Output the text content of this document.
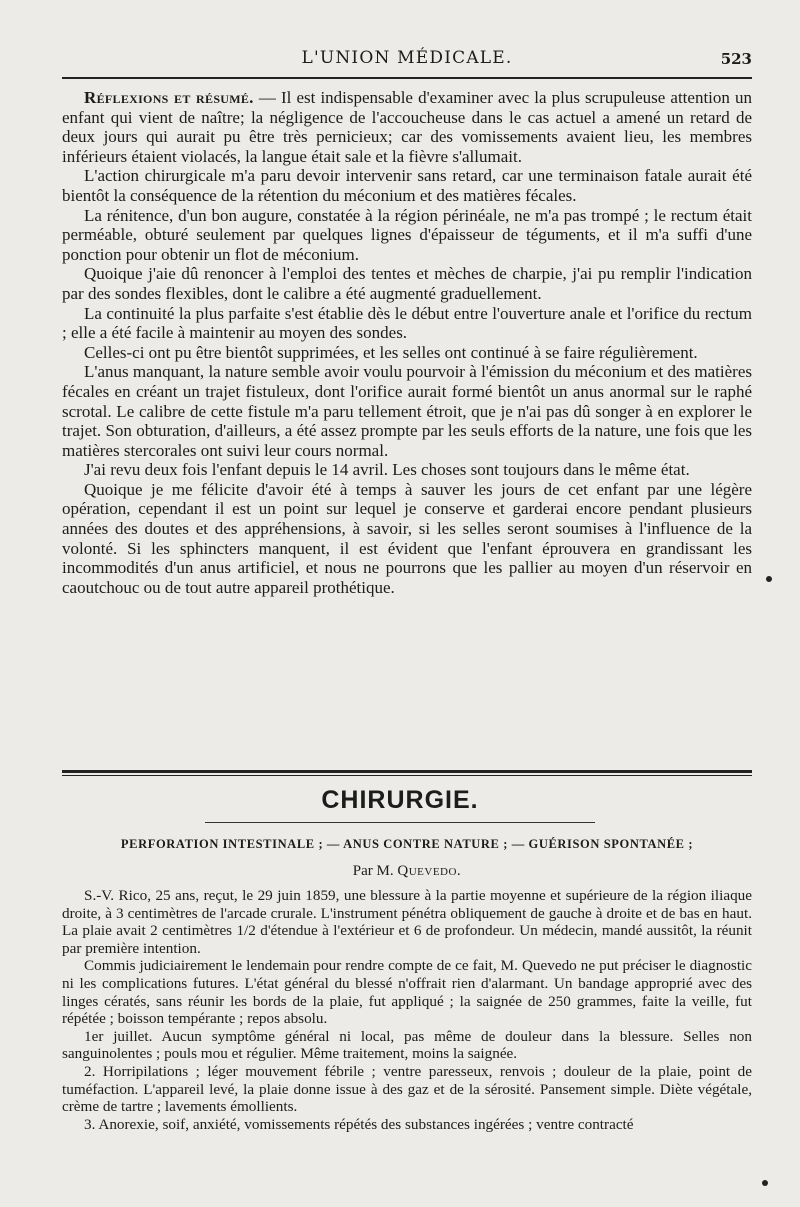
L'UNION MÉDICALE.	523

Réflexions et résumé. — Il est indispensable d'examiner avec la plus scrupuleuse attention un enfant qui vient de naître; la négligence de l'accoucheuse dans le cas actuel a amené un retard de deux jours qui aurait pu être très pernicieux; car des vomissements avaient lieu, les membres inférieurs étaient violacés, la langue était sale et la fièvre s'allumait.

L'action chirurgicale m'a paru devoir intervenir sans retard, car une terminaison fatale aurait été bientôt la conséquence de la rétention du méconium et des matières fécales.

La rénitence, d'un bon augure, constatée à la région périnéale, ne m'a pas trompé ; le rectum était perméable, obturé seulement par quelques lignes d'épaisseur de téguments, et il m'a suffi d'une ponction pour obtenir un flot de méconium.

Quoique j'aie dû renoncer à l'emploi des tentes et mèches de charpie, j'ai pu remplir l'indication par des sondes flexibles, dont le calibre a été augmenté graduellement.

La continuité la plus parfaite s'est établie dès le début entre l'ouverture anale et l'orifice du rectum ; elle a été facile à maintenir au moyen des sondes.

Celles-ci ont pu être bientôt supprimées, et les selles ont continué à se faire régulièrement.

L'anus manquant, la nature semble avoir voulu pourvoir à l'émission du méconium et des matières fécales en créant un trajet fistuleux, dont l'orifice aurait formé bientôt un anus anormal sur le raphé scrotal. Le calibre de cette fistule m'a paru tellement étroit, que je n'ai pas dû songer à en explorer le trajet. Son obturation, d'ailleurs, a été assez prompte par les seuls efforts de la nature, une fois que les matières stercorales ont suivi leur cours normal.

J'ai revu deux fois l'enfant depuis le 14 avril. Les choses sont toujours dans le même état.

Quoique je me félicite d'avoir été à temps à sauver les jours de cet enfant par une légère opération, cependant il est un point sur lequel je conserve et garderai encore pendant plusieurs années des doutes et des appréhensions, à savoir, si les selles seront soumises à l'influence de la volonté. Si les sphincters manquent, il est évident que l'enfant éprouvera en grandissant les incommodités d'un anus artificiel, et nous ne pourrons que les pallier au moyen d'un réservoir en caoutchouc ou de tout autre appareil prothétique.

CHIRURGIE.
PERFORATION INTESTINALE ; — ANUS CONTRE NATURE ; — GUÉRISON SPONTANÉE ;
Par M. Quevedo.

S.-V. Rico, 25 ans, reçut, le 29 juin 1859, une blessure à la partie moyenne et supérieure de la région iliaque droite, à 3 centimètres de l'arcade crurale. L'instrument pénétra obliquement de gauche à droite et de bas en haut. La plaie avait 2 centimètres 1/2 d'étendue à l'extérieur et 6 de profondeur. Un médecin, mandé aussitôt, la réunit par première intention.

Commis judiciairement le lendemain pour rendre compte de ce fait, M. Quevedo ne put préciser le diagnostic ni les complications futures. L'état général du blessé n'offrait rien d'alarmant. Un bandage approprié avec des linges cératés, sans réunir les bords de la plaie, fut appliqué ; la saignée de 250 grammes, faite la veille, fut répétée ; boisson tempérante ; repos absolu.

1er juillet. Aucun symptôme général ni local, pas même de douleur dans la blessure. Selles non sanguinolentes ; pouls mou et régulier. Même traitement, moins la saignée.

2. Horripilations ; léger mouvement fébrile ; ventre paresseux, renvois ; douleur de la plaie, point de tuméfaction. L'appareil levé, la plaie donne issue à des gaz et de la sérosité. Pansement simple. Diète végétale, crème de tartre ; lavements émollients.

3. Anorexie, soif, anxiété, vomissements répétés des substances ingérées ; ventre contracté
